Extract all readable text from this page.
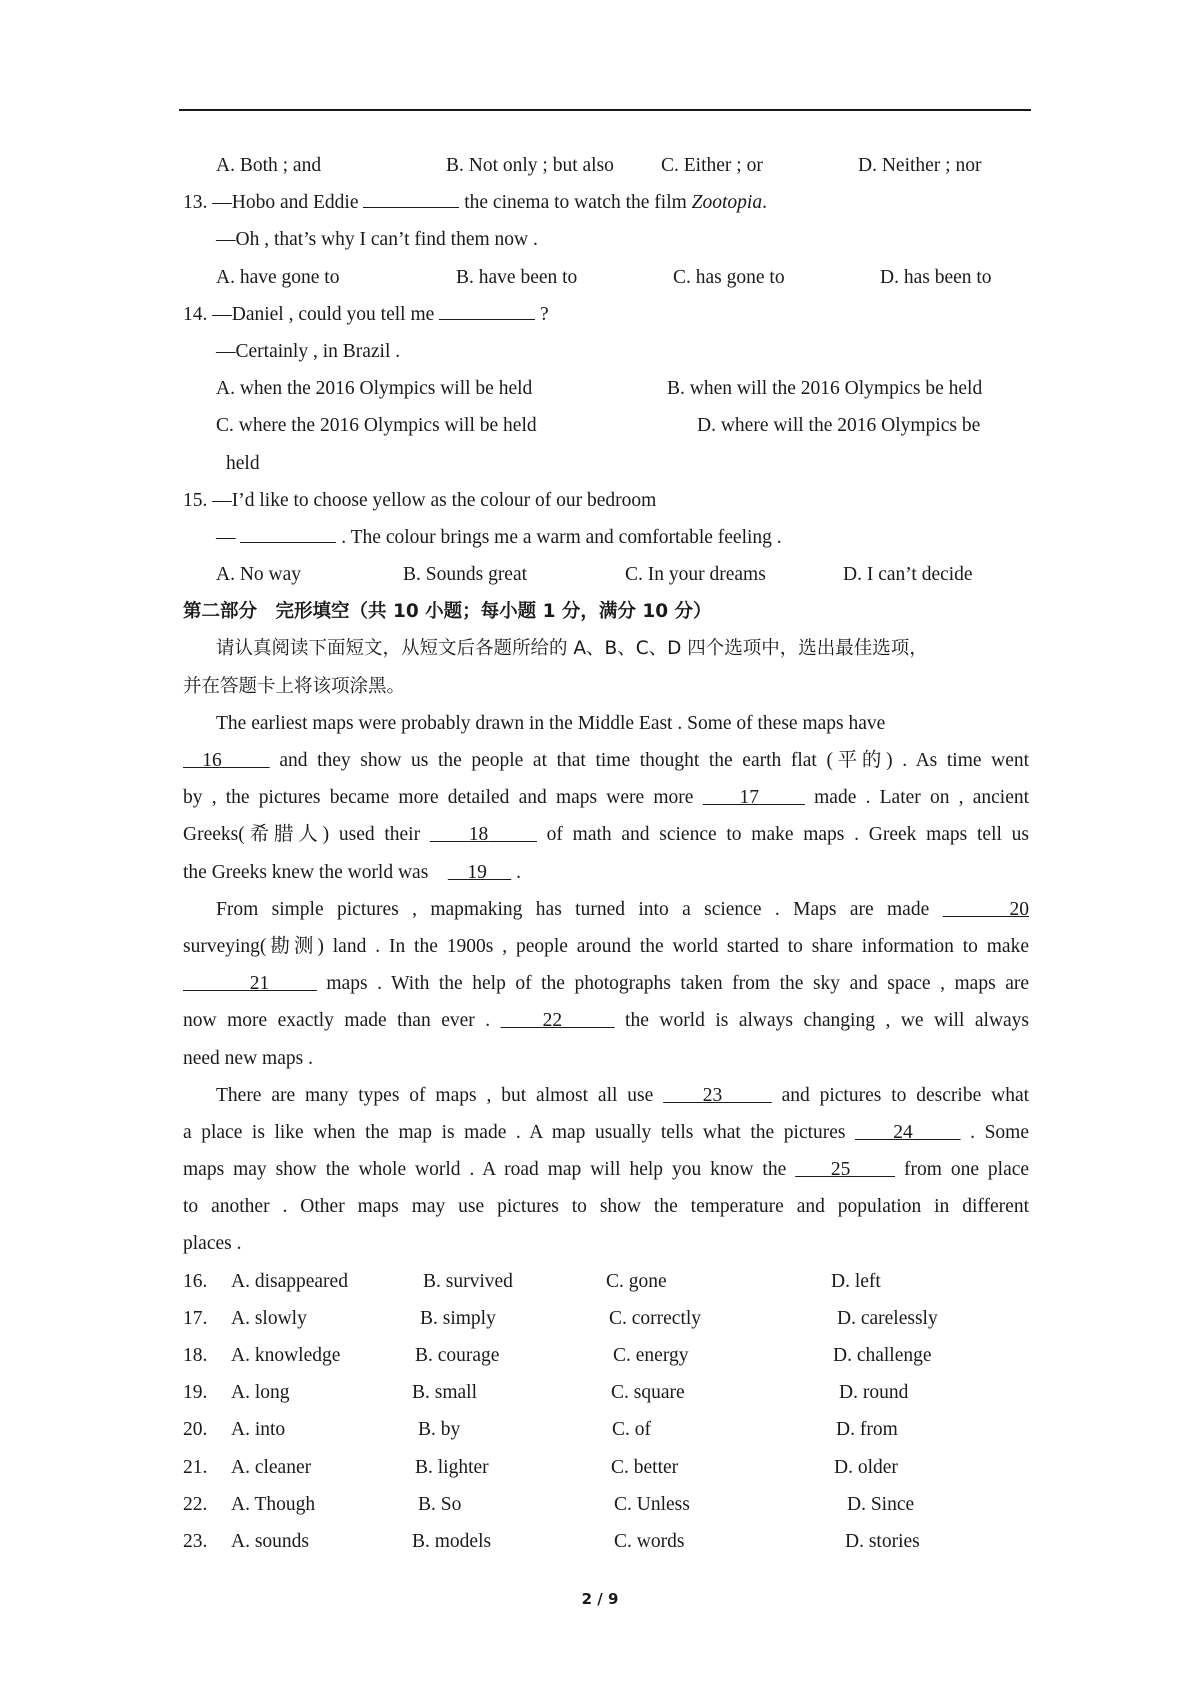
A. Both ; and	B. Not only ; but also C. Either ; or	D. Neither ; nor
13. —Hobo and Eddie	the cinema to watch the film Zootopia.
—Oh , that’s why I can’t find them now .
A. have gone to	B. have been to	C. has gone to	D. has been to
14. —Daniel , could you tell me	?
—Certainly , in Brazil .
A. when the 2016 Olympics will be held	B. when will the 2016 Olympics be held
C. where the 2016 Olympics will be held	D. where will the 2016 Olympics be
held
15. —I’d like to choose yellow as the colour of our bedroom
—	. The colour brings me a warm and comfortable feeling .
A. No way	B. Sounds great	C. In your dreams	D. I can’t decide
第二部分　完形填空（共 10 小题；每小题 1 分，满分 10 分）
请认真阅读下面短文，从短文后各题所给的 A、B、C、D 四个选项中，选出最佳选项，
并在答题卡上将该项涂黑。
The earliest maps were probably drawn in the Middle East . Some of these maps have
16	and they show us the people at that time thought the earth flat (平的) . As time went
by , the pictures became more detailed and maps were more 17	made . Later on , ancient
Greeks(希腊人) used their 18	of math and science to make maps . Greek maps tell us
the Greeks knew the world was 19 .
From simple pictures , mapmaking has turned into a science . Maps are made	20
surveying(勘测) land . In the 1900s , people around the world started to share information to make
21	maps . With the help of the photographs taken from the sky and space , maps are
now more exactly made than ever .	22	the world is always changing , we will always
need new maps .
There are many types of maps , but almost all use	23	and pictures to describe what
a place is like when the map is made . A map usually tells what the pictures 24	. Some
maps may show the whole world . A road map will help you know the 25	from one place
to another . Other maps may use pictures to show the temperature and population in different
places .
16. A. disappeared	B. survived	C. gone	D. left
17. A. slowly	B. simply	C. correctly	D. carelessly
18. A. knowledge	B. courage	C. energy	D. challenge
19. A. long	B. small	C. square	D. round
20. A. into	B. by	C. of	D. from
21. A. cleaner	B. lighter	C. better	D. older
22. A. Though	B. So	C. Unless	D. Since
23. A. sounds	B. models	C. words	D. stories
2 / 9
